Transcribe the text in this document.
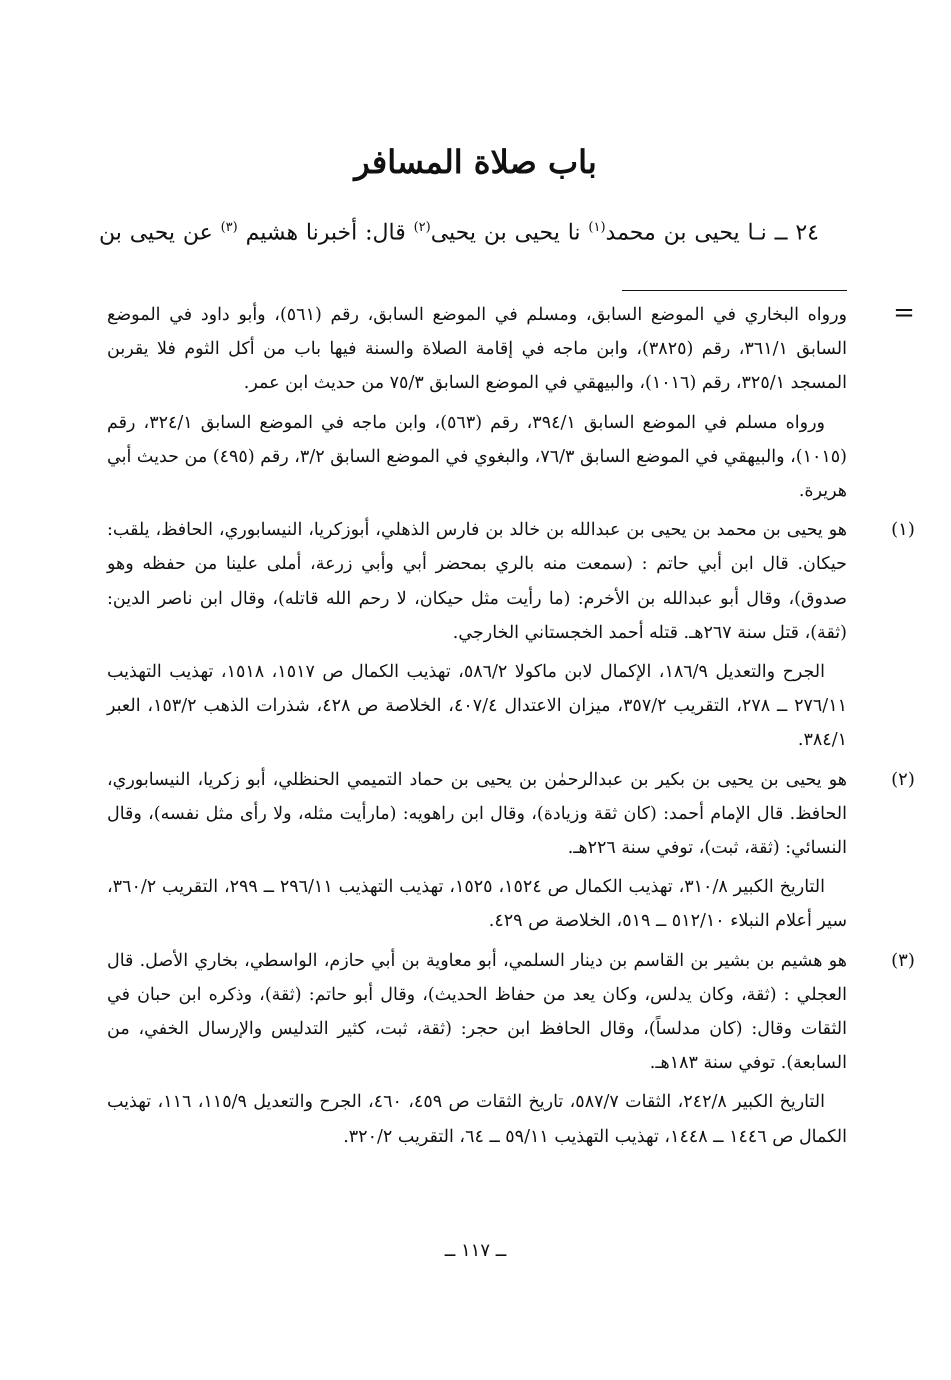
باب صلاة المسافر
٢٤ ــ نـا يحيى بن محمد$^{(١)}$ نا يحيى بن يحيى$^{(٢)}$ قال: أخبرنا هشيم $^{(٣)}$ عن يحيى بن
=

ورواه البخاري في الموضع السابق، ومسلم في الموضع السابق، رقم (٥٦١)، وأبو داود في الموضع السابق ٣٦١/١، رقم (٣٨٢٥)، وابن ماجه في إقامة الصلاة والسنة فيها باب من أكل الثوم فلا يقربن المسجد ٣٢٥/١، رقم (١٠١٦)، والبيهقي في الموضع السابق ٧٥/٣ من حديث ابن عمر.

ورواه مسلم في الموضع السابق ٣٩٤/١، رقم (٥٦٣)، وابن ماجه في الموضع السابق ٣٢٤/١، رقم (١٠١٥)، والبيهقي في الموضع السابق ٧٦/٣، والبغوي في الموضع السابق ٣/٢، رقم (٤٩٥) من حديث أبي هريرة.

(١)

هو يحيى بن محمد بن يحيى بن عبدالله بن خالد بن فارس الذهلي، أبوزكريا، النيسابوري، الحافظ، يلقب: حيكان. قال ابن أبي حاتم : (سمعت منه بالري بمحضر أبي وأبي زرعة، أملى علينا من حفظه وهو صدوق)، وقال أبو عبدالله بن الأخرم: (ما رأيت مثل حيكان، لا رحم الله قاتله)، وقال ابن ناصر الدين: (ثقة)، قتل سنة ٢٦٧هـ. قتله أحمد الخجستاني الخارجي.

الجرح والتعديل ١٨٦/٩، الإكمال لابن ماكولا ٥٨٦/٢، تهذيب الكمال ص ١٥١٧، ١٥١٨، تهذيب التهذيب ٢٧٦/١١ ــ ٢٧٨، التقريب ٣٥٧/٢، ميزان الاعتدال ٤٠٧/٤، الخلاصة ص ٤٢٨، شذرات الذهب ١٥٣/٢، العبر ٣٨٤/١.

(٢)

هو يحيى بن يحيى بن بكير بن عبدالرحمٰن بن يحيى بن حماد التميمي الحنظلي، أبو زكريا، النيسابوري، الحافظ. قال الإمام أحمد: (كان ثقة وزيادة)، وقال ابن راهويه: (مارأيت مثله، ولا رأى مثل نفسه)، وقال النسائي: (ثقة، ثبت)، توفي سنة ٢٢٦هـ.

التاريخ الكبير ٣١٠/٨، تهذيب الكمال ص ١٥٢٤، ١٥٢٥، تهذيب التهذيب ٢٩٦/١١ ــ ٢٩٩، التقريب ٣٦٠/٢، سير أعلام النبلاء ٥١٢/١٠ ــ ٥١٩، الخلاصة ص ٤٢٩.

(٣)

هو هشيم بن بشير بن القاسم بن دينار السلمي، أبو معاوية بن أبي حازم، الواسطي، بخاري الأصل. قال العجلي : (ثقة، وكان يدلس، وكان يعد من حفاظ الحديث)، وقال أبو حاتم: (ثقة)، وذكره ابن حبان في الثقات وقال: (كان مدلساً)، وقال الحافظ ابن حجر: (ثقة، ثبت، كثير التدليس والإرسال الخفي، من السابعة). توفي سنة ١٨٣هـ.

التاريخ الكبير ٢٤٢/٨، الثقات ٥٨٧/٧، تاريخ الثقات ص ٤٥٩، ٤٦٠، الجرح والتعديل ١١٥/٩، ١١٦، تهذيب الكمال ص ١٤٤٦ ــ ١٤٤٨، تهذيب التهذيب ٥٩/١١ ــ ٦٤، التقريب ٣٢٠/٢.

ــ ١١٧ ــ
